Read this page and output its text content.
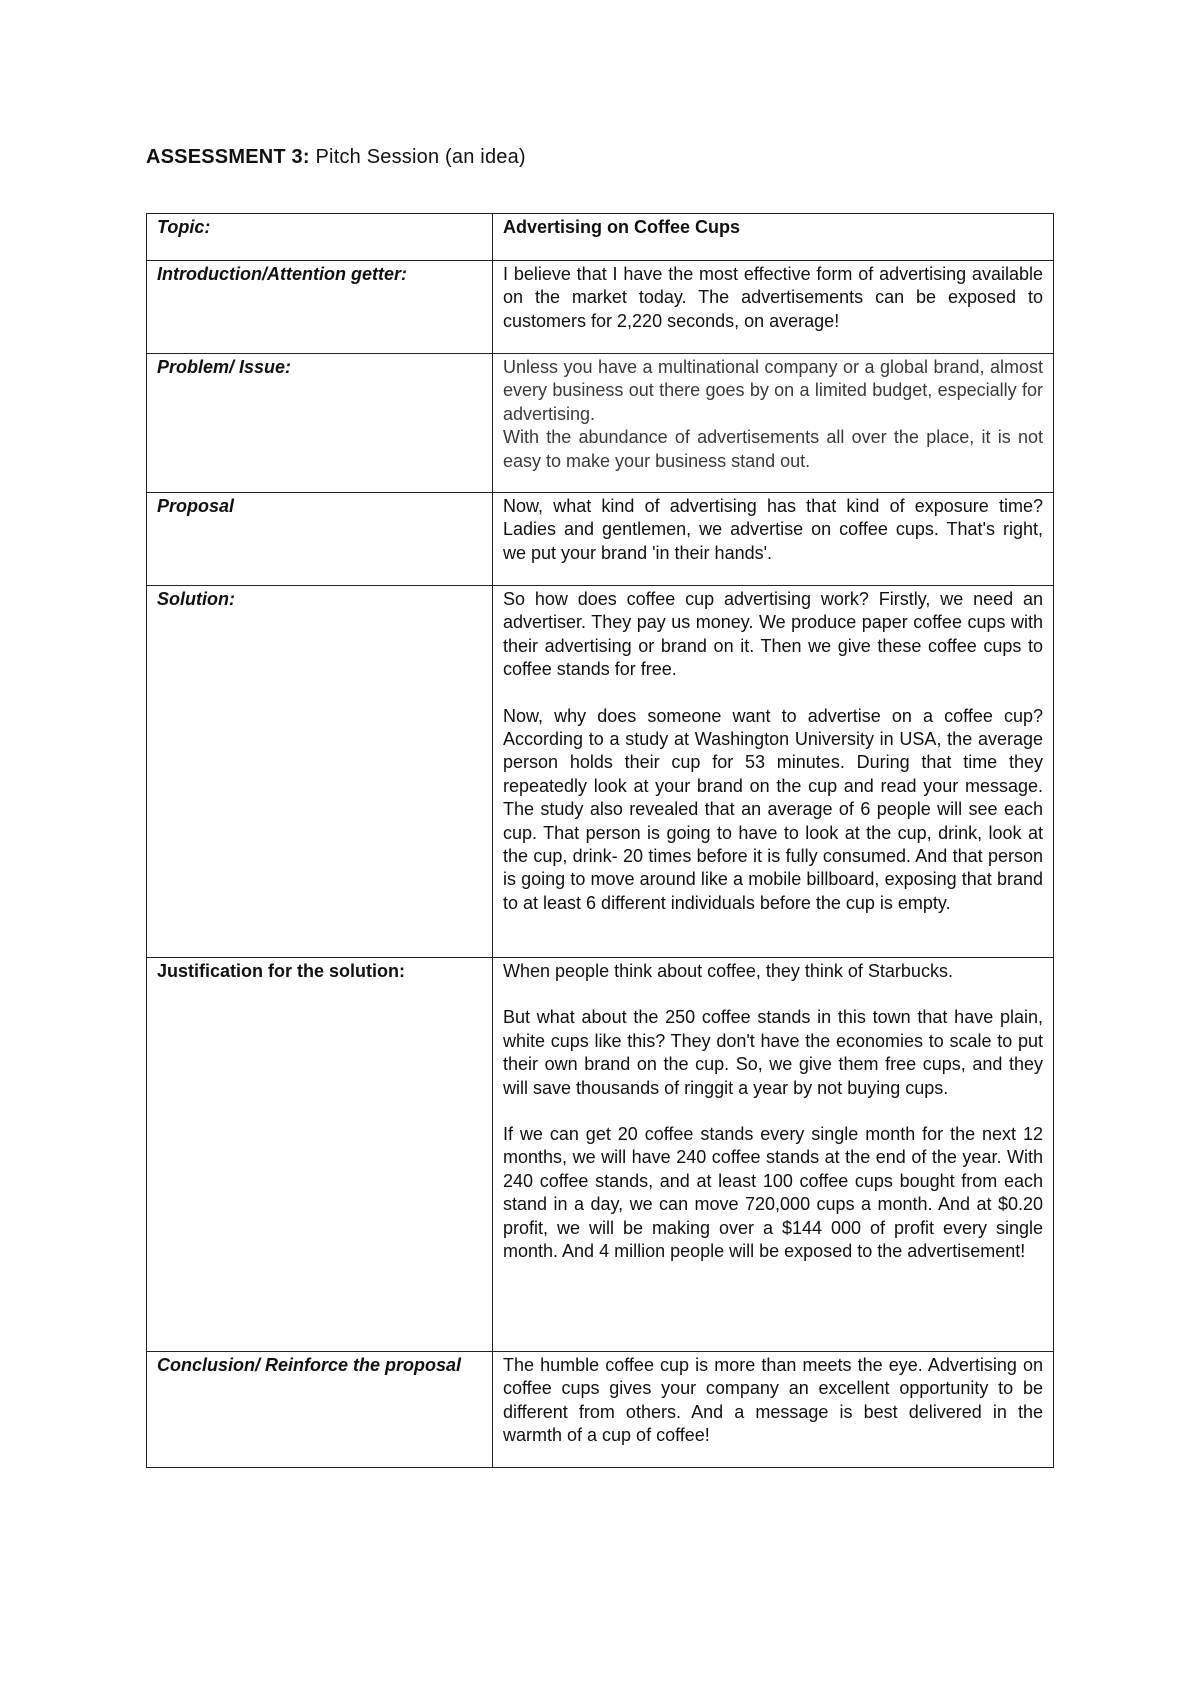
ASSESSMENT 3: Pitch Session (an idea)
Topic:	Advertising on Coffee Cups

Introduction/Attention getter:	I believe that I have the most effective form of advertising available on the market today. The advertisements can be exposed to customers for 2,220 seconds, on average!

Problem/ Issue:	Unless you have a multinational company or a global brand, almost every business out there goes by on a limited budget, especially for advertising.

With the abundance of advertisements all over the place, it is not easy to make your business stand out.

Proposal	Now, what kind of advertising has that kind of exposure time? Ladies and gentlemen, we advertise on coffee cups. That's right, we put your brand 'in their hands'.

Solution:	So how does coffee cup advertising work? Firstly, we need an advertiser. They pay us money. We produce paper coffee cups with their advertising or brand on it. Then we give these coffee cups to coffee stands for free.

Now, why does someone want to advertise on a coffee cup? According to a study at Washington University in USA, the average person holds their cup for 53 minutes. During that time they repeatedly look at your brand on the cup and read your message. The study also revealed that an average of 6 people will see each cup. That person is going to have to look at the cup, drink, look at the cup, drink- 20 times before it is fully consumed. And that person is going to move around like a mobile billboard, exposing that brand to at least 6 different individuals before the cup is empty.

Justification for the solution:	When people think about coffee, they think of Starbucks.

But what about the 250 coffee stands in this town that have plain, white cups like this? They don't have the economies to scale to put their own brand on the cup. So, we give them free cups, and they will save thousands of ringgit a year by not buying cups.

If we can get 20 coffee stands every single month for the next 12 months, we will have 240 coffee stands at the end of the year. With 240 coffee stands, and at least 100 coffee cups bought from each stand in a day, we can move 720,000 cups a month. And at $0.20 profit, we will be making over a $144 000 of profit every single month. And 4 million people will be exposed to the advertisement!

Conclusion/ Reinforce the proposal	The humble coffee cup is more than meets the eye. Advertising on coffee cups gives your company an excellent opportunity to be different from others. And a message is best delivered in the warmth of a cup of coffee!
